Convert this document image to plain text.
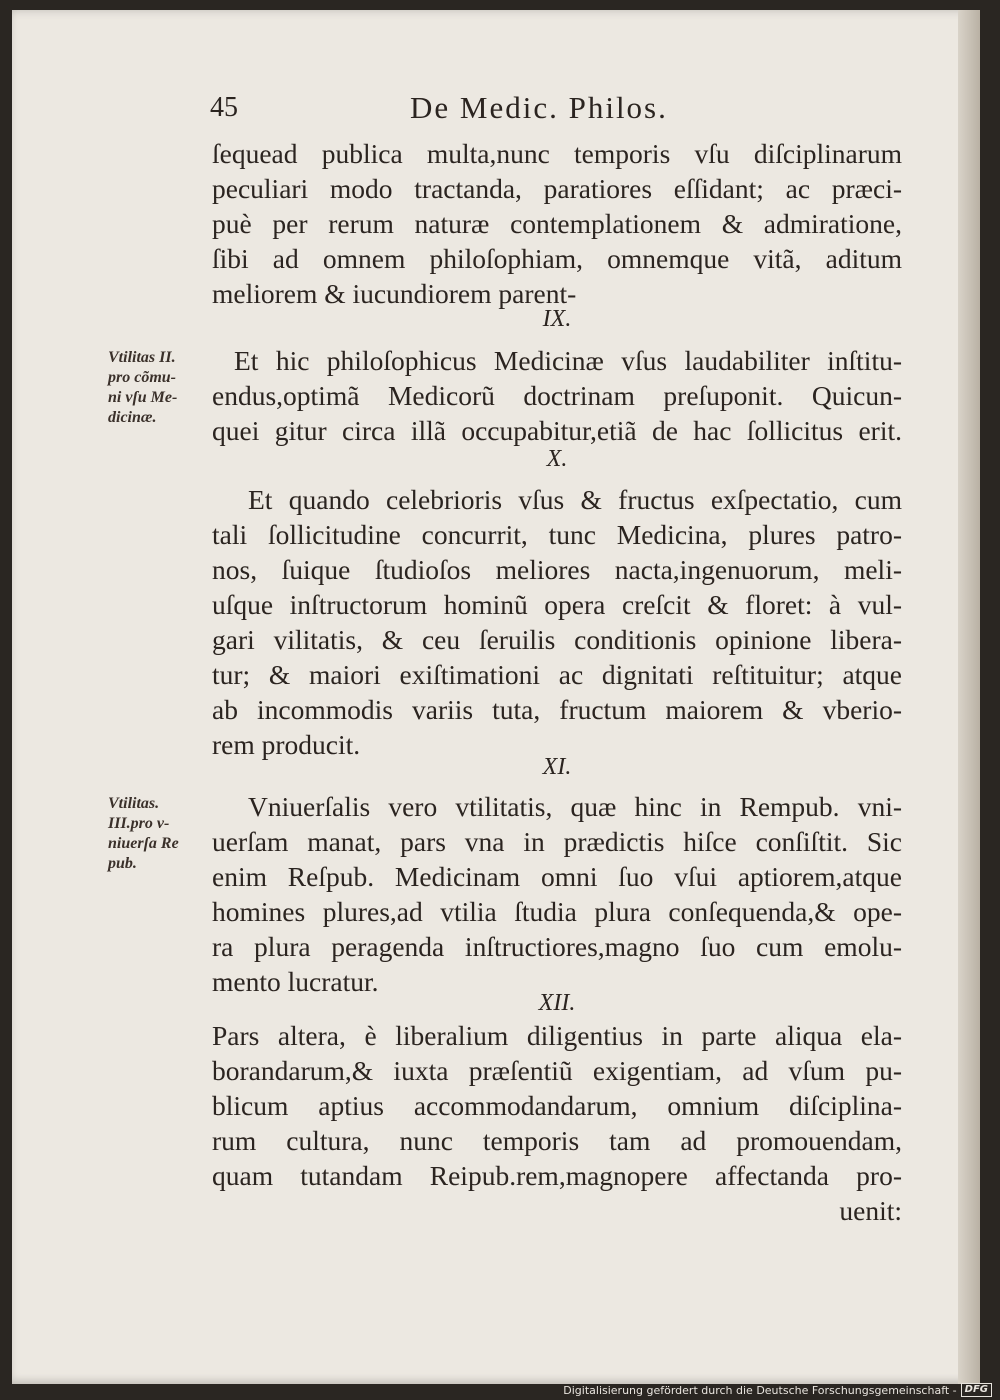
45	De Medic. Philos.
ſequead publica multa,nunc temporis vſu diſciplinarum
peculiari modo tractanda, paratiores eſſidant; ac præci-
puè per rerum naturæ contemplationem & admiratione,
ſibi ad omnem philoſophiam, omnemque vitã, aditum
meliorem & iucundiorem parent-
IX.
Vtilitas II.
pro cõmu-
ni vſu Me-
dicinæ.
Et hic philoſophicus Medicinæ vſus laudabiliter inſtitu-
endus,optimã Medicorũ doctrinam preſuponit. Quicun-
quei gitur circa illã occupabitur,etiã de hac ſollicitus erit.
X.
Et quando celebrioris vſus & fructus exſpectatio, cum
tali ſollicitudine concurrit, tunc Medicina, plures patro-
nos, ſuique ſtudioſos meliores nacta,ingenuorum, meli-
uſque inſtructorum hominũ opera creſcit & floret: à vul-
gari vilitatis, & ceu ſeruilis conditionis opinione libera-
tur; & maiori exiſtimationi ac dignitati reſtituitur; atque
ab incommodis variis tuta, fructum maiorem & vberio-
rem producit.
XI.
Vtilitas.
III.pro v-
niuerſa Re
pub.
Vniuerſalis vero vtilitatis, quæ hinc in Rempub. vni-
uerſam manat, pars vna in prædictis hiſce conſiſtit. Sic
enim Reſpub. Medicinam omni ſuo vſui aptiorem,atque
homines plures,ad vtilia ſtudia plura conſequenda,& ope-
ra plura peragenda inſtructiores,magno ſuo cum emolu-
mento lucratur.
XII.
Pars altera, è liberalium diligentius in parte aliqua ela-
borandarum,& iuxta præſentiũ exigentiam, ad vſum pu-
blicum aptius accommodandarum, omnium diſciplina-
rum cultura, nunc temporis tam ad promouendam,
quam tutandam Reipub.rem,magnopere affectanda pro-
uenit:
Digitalisierung gefördert durch die Deutsche Forschungsgemeinschaft - DFG
